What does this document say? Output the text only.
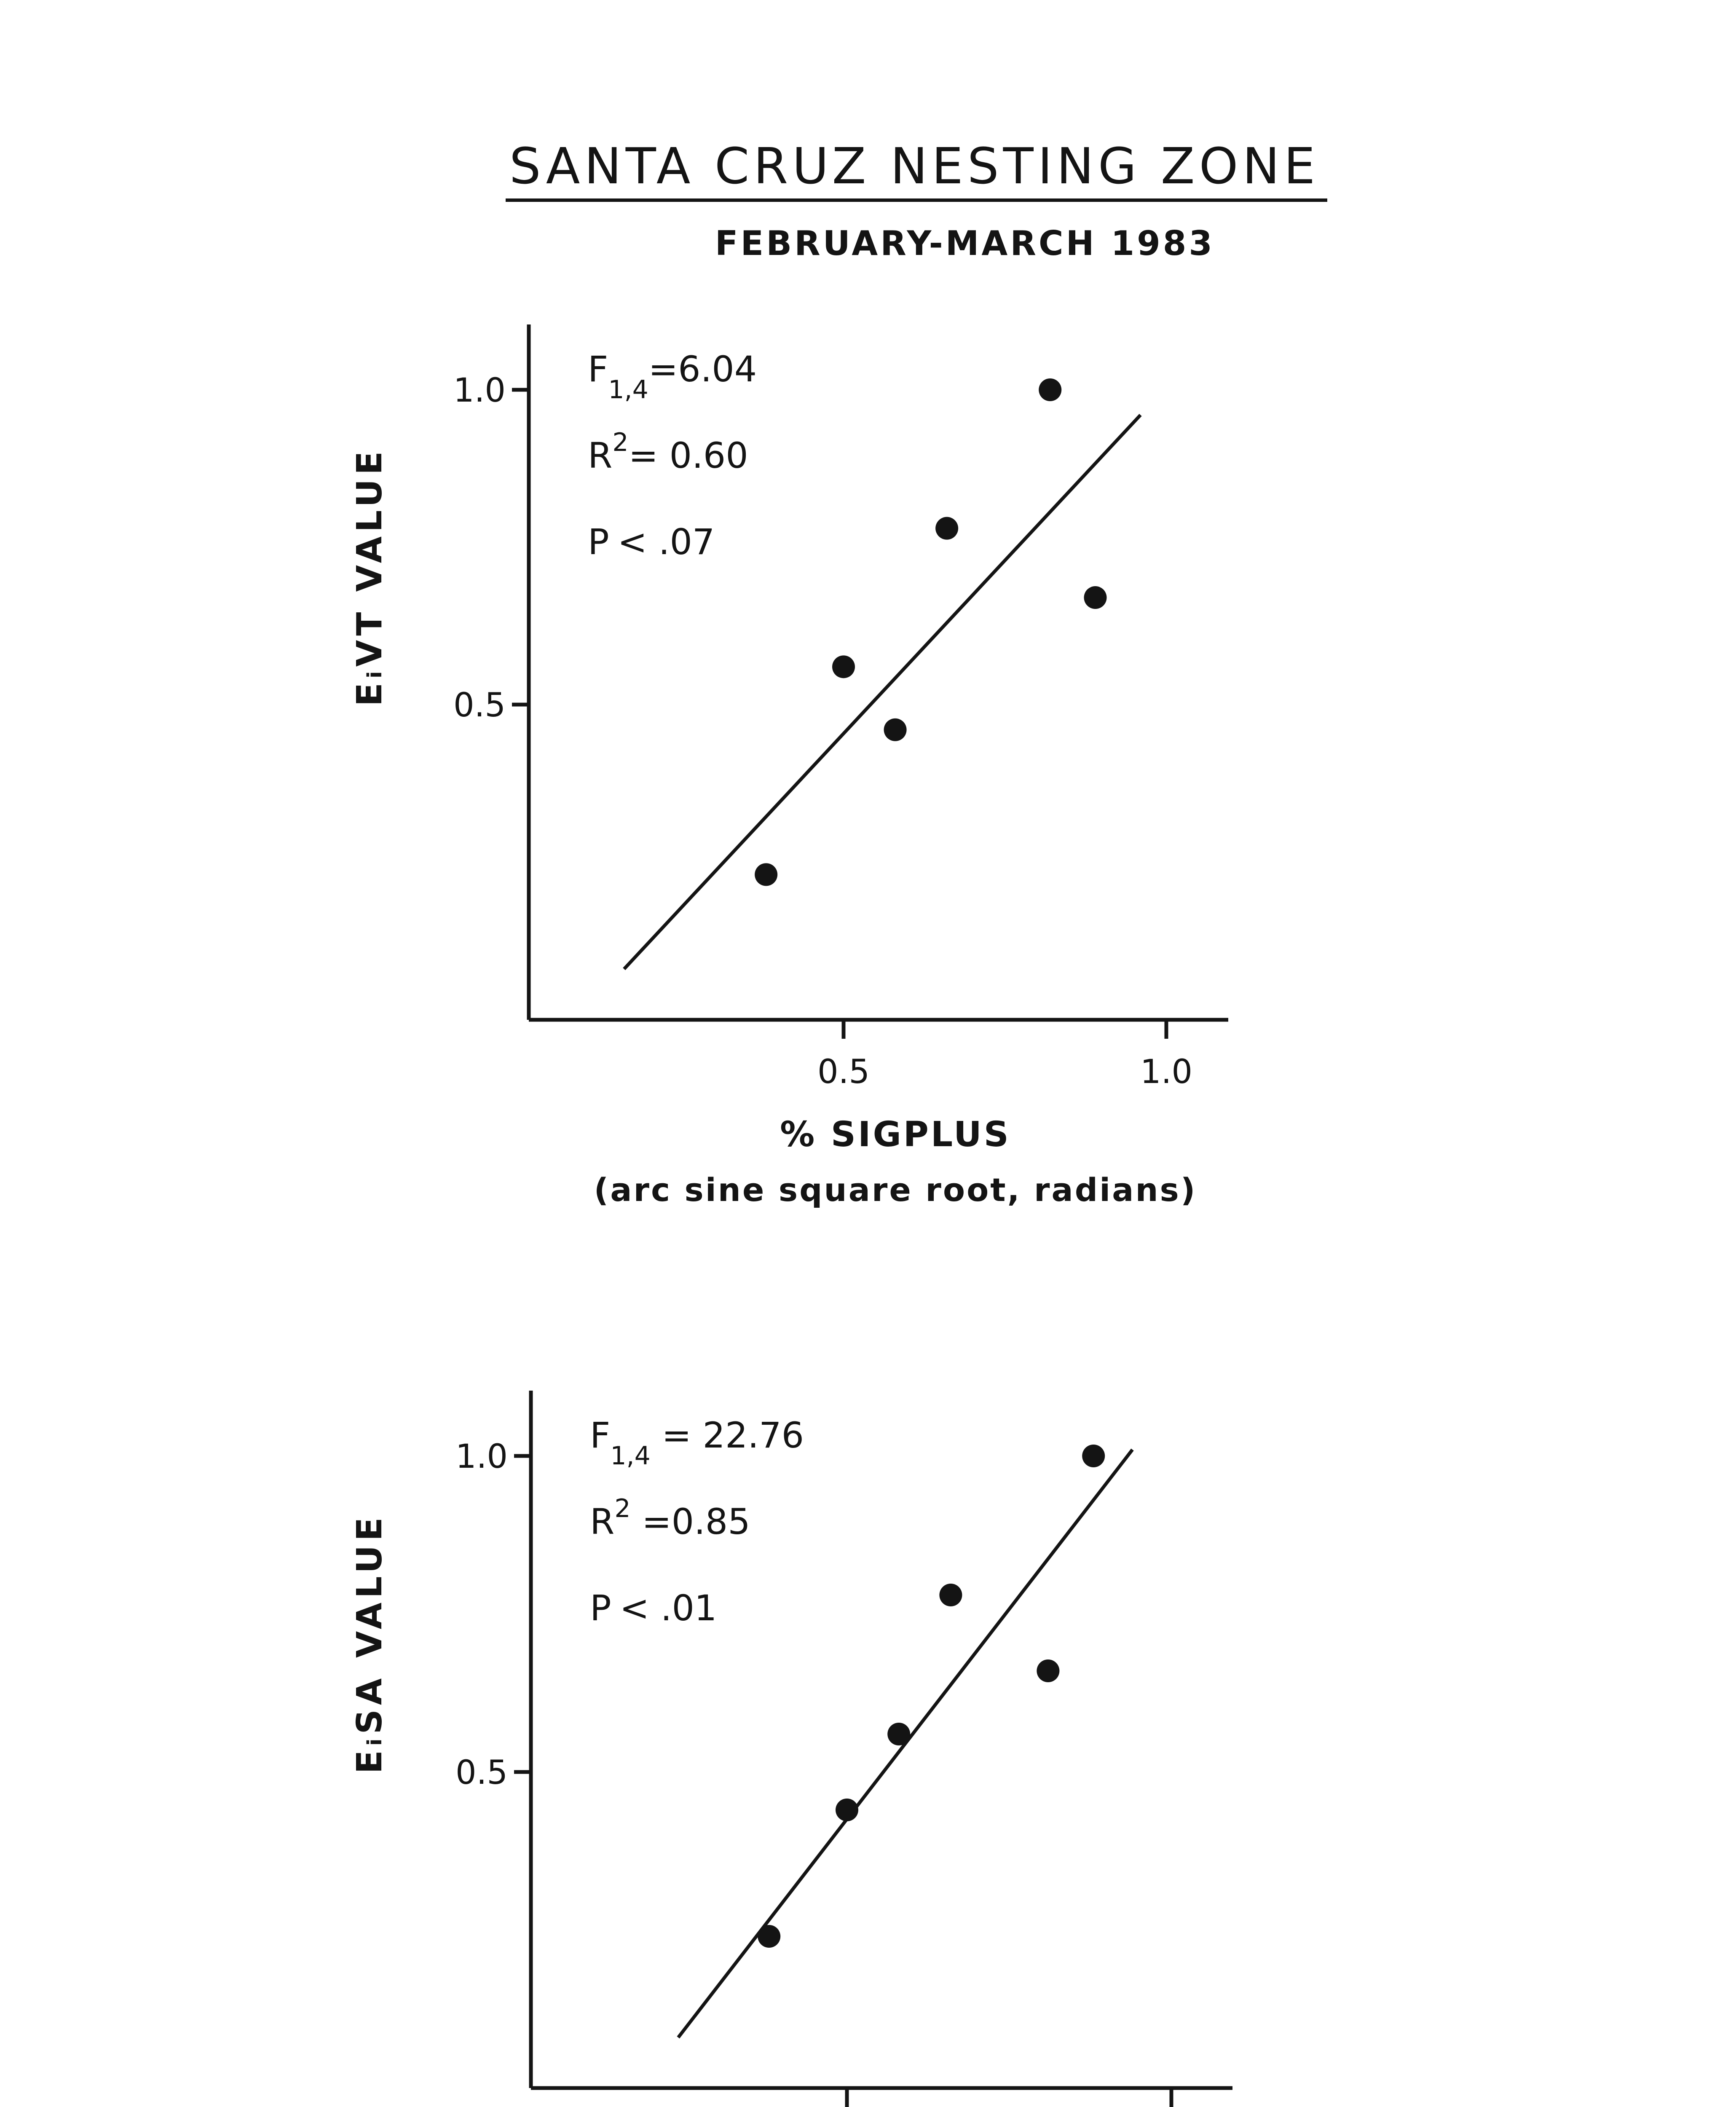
SANTA CRUZ NESTING ZONE
FEBRUARY-MARCH 1983
0.5
1.0
0.5	1.0
% SIGPLUS
(arc sine square root, radians)
EᵢVT VALUE
$F_{1,4}=6.04$
$R^2= 0.60$
P < .07
0.5
1.0
EᵢSA VALUE
$F_{1,4} = 22.76$
$R^2 =0.85$
P < .01
